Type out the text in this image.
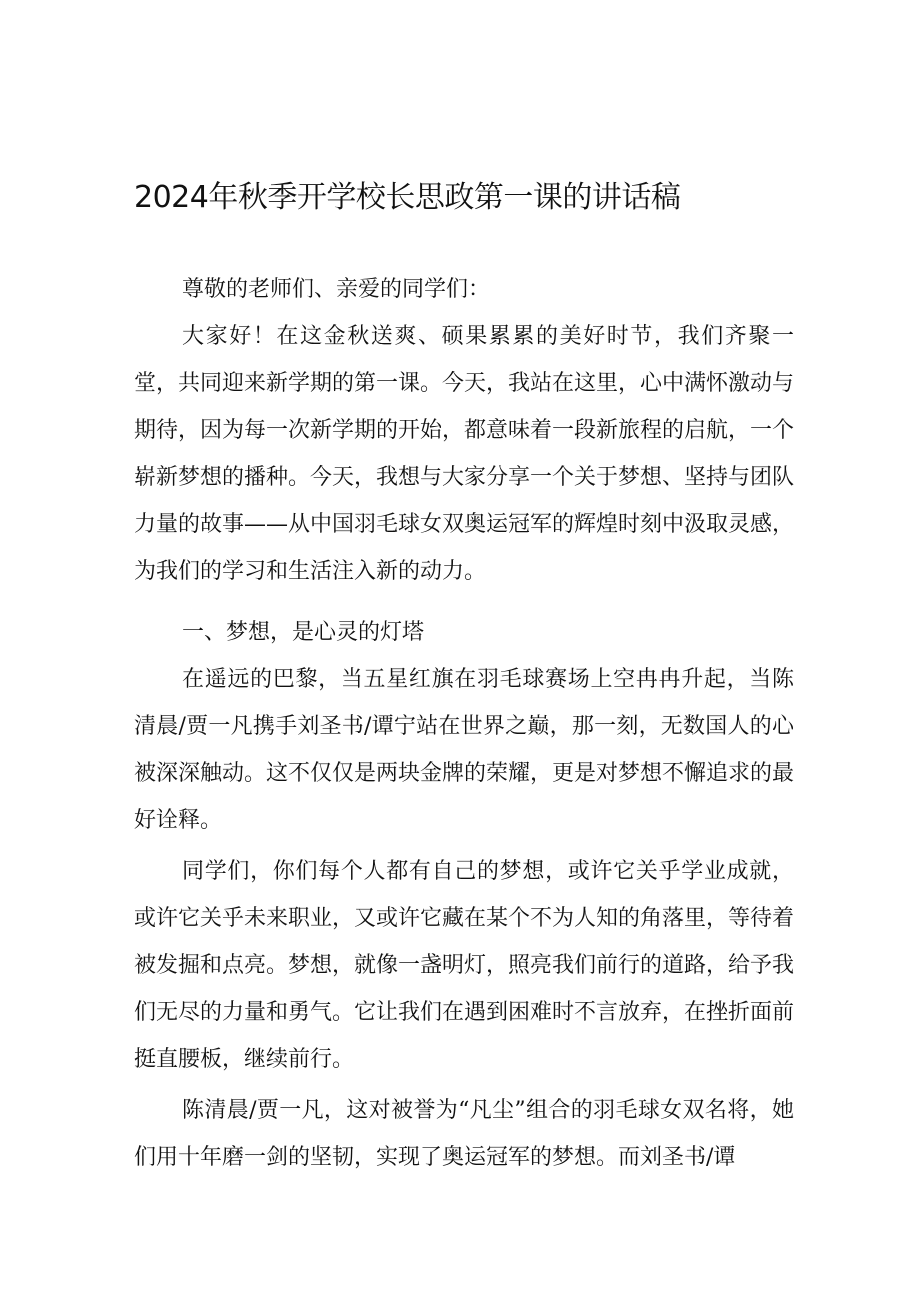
2024年秋季开学校长思政第一课的讲话稿

尊敬的老师们、亲爱的同学们：

大家好！在这金秋送爽、硕果累累的美好时节，我们齐聚一堂，共同迎来新学期的第一课。今天，我站在这里，心中满怀激动与期待，因为每一次新学期的开始，都意味着一段新旅程的启航，一个崭新梦想的播种。今天，我想与大家分享一个关于梦想、坚持与团队力量的故事——从中国羽毛球女双奥运冠军的辉煌时刻中汲取灵感，为我们的学习和生活注入新的动力。

一、梦想，是心灵的灯塔

在遥远的巴黎，当五星红旗在羽毛球赛场上空冉冉升起，当陈清晨/贾一凡携手刘圣书/谭宁站在世界之巅，那一刻，无数国人的心被深深触动。这不仅仅是两块金牌的荣耀，更是对梦想不懈追求的最好诠释。

同学们，你们每个人都有自己的梦想，或许它关乎学业成就，或许它关乎未来职业，又或许它藏在某个不为人知的角落里，等待着被发掘和点亮。梦想，就像一盏明灯，照亮我们前行的道路，给予我们无尽的力量和勇气。它让我们在遇到困难时不言放弃，在挫折面前挺直腰板，继续前行。

陈清晨/贾一凡，这对被誉为“凡尘”组合的羽毛球女双名将，她们用十年磨一剑的坚韧，实现了奥运冠军的梦想。而刘圣书/谭
